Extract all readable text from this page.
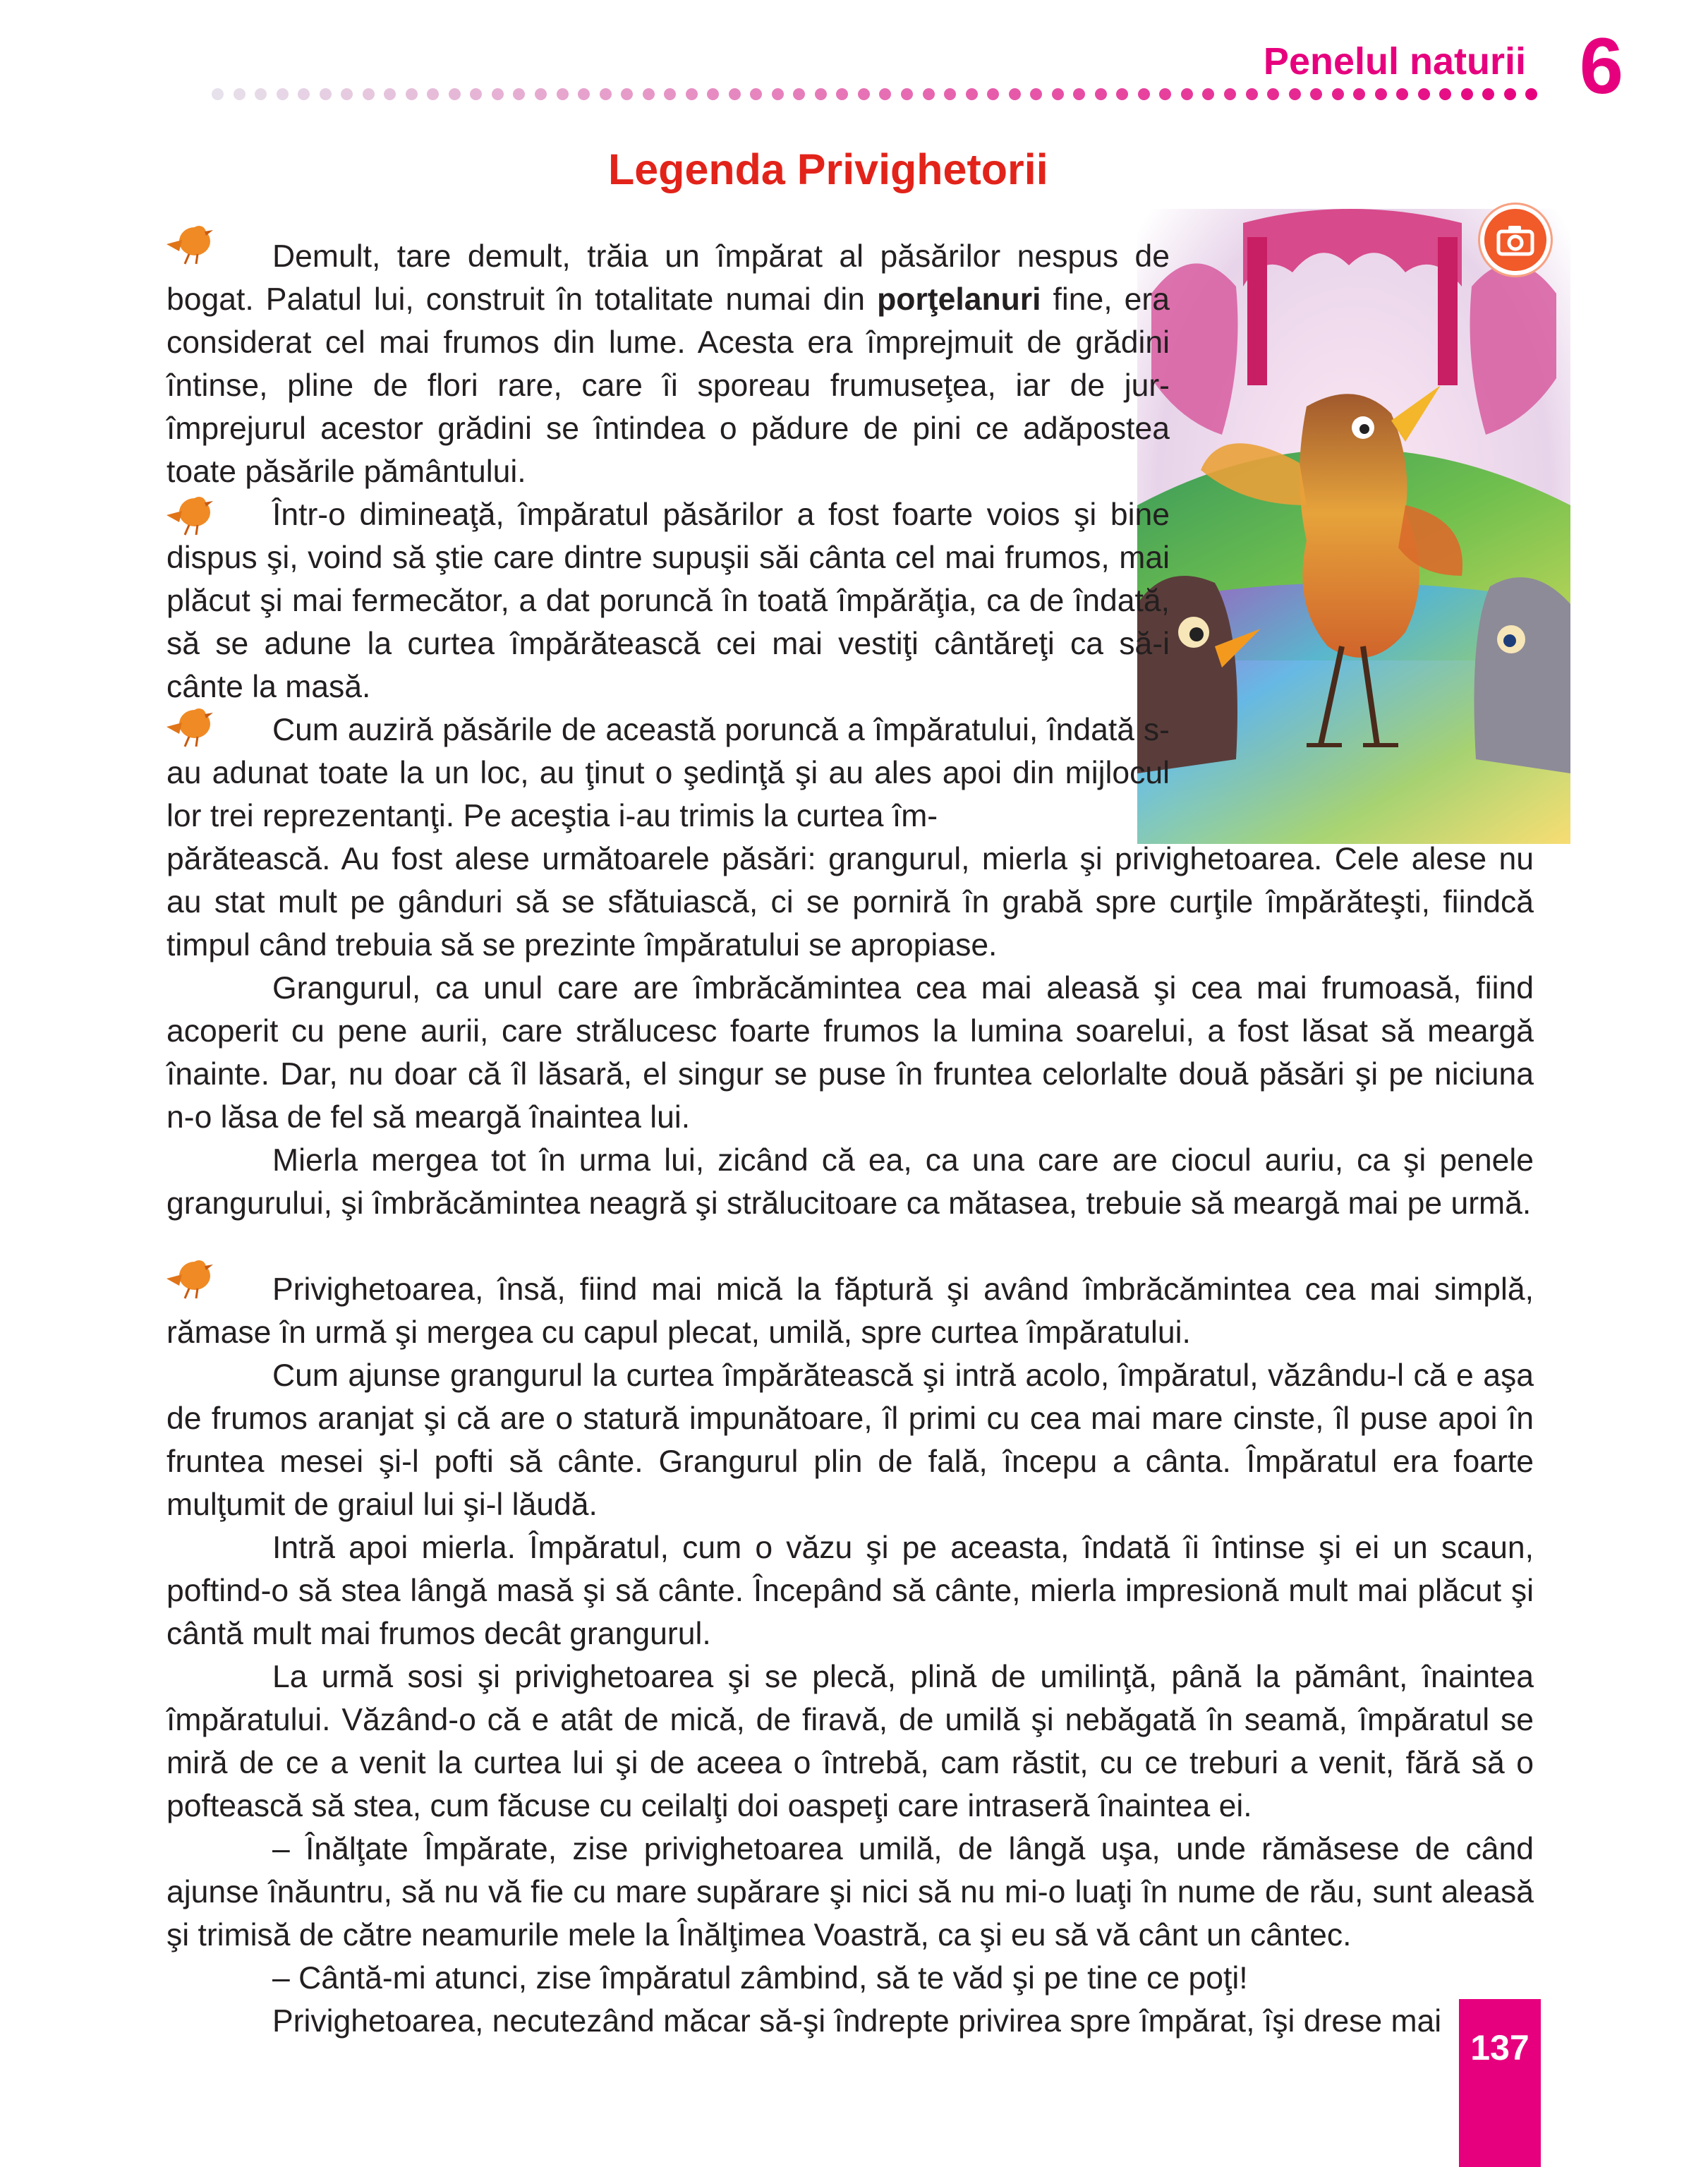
Penelul naturii 6
Legenda Privighetorii

Demult, tare demult, trăia un împărat al păsărilor nespus de bogat. Palatul lui, construit în totalitate numai din porţelanuri fine, era considerat cel mai frumos din lume. Acesta era împrejmuit de grădini întinse, pline de flori rare, care îi sporeau frumuseţea, iar de jur-împrejurul acestor grădini se întindea o pădure de pini ce adăpostea toate păsările pământului.

Într-o dimineaţă, împăratul păsărilor a fost foarte voios şi bine dispus şi, voind să ştie care dintre supuşii săi cânta cel mai frumos, mai plăcut şi mai fermecător, a dat poruncă în toată împărăţia, ca de îndată, să se adune la curtea împărătească cei mai vestiţi cântăreţi ca să-i cânte la masă.

Cum auziră păsările de această poruncă a împăratului, îndată s-au adunat toate la un loc, au ţinut o şedinţă şi au ales apoi din mijlocul lor trei reprezentanţi. Pe aceştia i-au trimis la curtea îm-

părătească. Au fost alese următoarele păsări: grangurul, mierla şi privighetoarea. Cele alese nu au stat mult pe gânduri să se sfătuiască, ci se porniră în grabă spre curţile împărăteşti, fiindcă timpul când trebuia să se prezinte împăratului se apropiase.

Grangurul, ca unul care are îmbrăcămintea cea mai aleasă şi cea mai frumoasă, fiind acoperit cu pene aurii, care strălucesc foarte frumos la lumina soarelui, a fost lăsat să meargă înainte. Dar, nu doar că îl lăsară, el singur se puse în fruntea celorlalte două păsări şi pe niciuna n-o lăsa de fel să meargă înaintea lui.

Mierla mergea tot în urma lui, zicând că ea, ca una care are ciocul auriu, ca şi penele grangurului, şi îmbrăcămintea neagră şi strălucitoare ca mătasea, trebuie să meargă mai pe urmă.

Privighetoarea, însă, fiind mai mică la făptură şi având îmbrăcămintea cea mai simplă, rămase în urmă şi mergea cu capul plecat, umilă, spre curtea împăratului.

Cum ajunse grangurul la curtea împărătească şi intră acolo, împăratul, văzându-l că e aşa de frumos aranjat şi că are o statură impunătoare, îl primi cu cea mai mare cinste, îl puse apoi în fruntea mesei şi-l pofti să cânte. Grangurul plin de fală, începu a cânta. Împăratul era foarte mulţumit de graiul lui şi-l lăudă.

Intră apoi mierla. Împăratul, cum o văzu şi pe aceasta, îndată îi întinse şi ei un scaun, poftind-o să stea lângă masă şi să cânte. Începând să cânte, mierla impresionă mult mai plăcut şi cântă mult mai frumos decât grangurul.

La urmă sosi şi privighetoarea şi se plecă, plină de umilinţă, până la pământ, înaintea împăratului. Văzând-o că e atât de mică, de firavă, de umilă şi nebăgată în seamă, împăratul se miră de ce a venit la curtea lui şi de aceea o întrebă, cam răstit, cu ce treburi a venit, fără să o poftească să stea, cum făcuse cu ceilalţi doi oaspeţi care intraseră înaintea ei.

– Înălţate Împărate, zise privighetoarea umilă, de lângă uşa, unde rămăsese de când ajunse înăuntru, să nu vă fie cu mare supărare şi nici să nu mi-o luaţi în nume de rău, sunt aleasă şi trimisă de către neamurile mele la Înălţimea Voastră, ca şi eu să vă cânt un cântec.

– Cântă-mi atunci, zise împăratul zâmbind, să te văd şi pe tine ce poţi!

Privighetoarea, necutezând măcar să-şi îndrepte privirea spre împărat, îşi drese mai

137
